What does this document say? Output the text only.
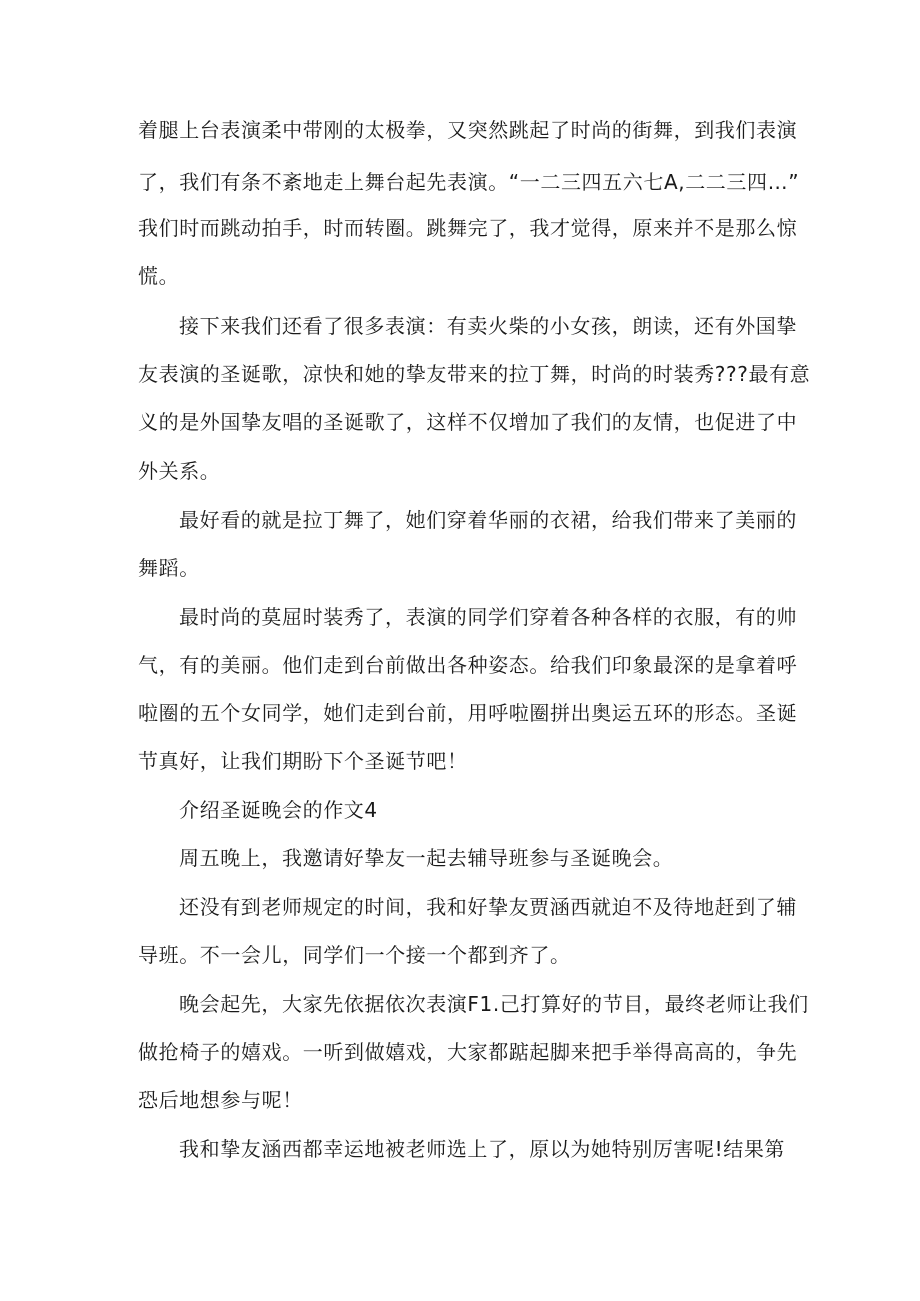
着腿上台表演柔中带刚的太极拳，又突然跳起了时尚的街舞，到我们表演
了，我们有条不紊地走上舞台起先表演。“一二三四五六七A,二二三四…”
我们时而跳动拍手，时而转圈。跳舞完了，我才觉得，原来并不是那么惊
慌。
接下来我们还看了很多表演：有卖火柴的小女孩，朗读，还有外国挚
友表演的圣诞歌，凉快和她的挚友带来的拉丁舞，时尚的时装秀???最有意
义的是外国挚友唱的圣诞歌了，这样不仅增加了我们的友情，也促进了中
外关系。
最好看的就是拉丁舞了，她们穿着华丽的衣裙，给我们带来了美丽的
舞蹈。
最时尚的莫屈时装秀了，表演的同学们穿着各种各样的衣服，有的帅
气，有的美丽。他们走到台前做出各种姿态。给我们印象最深的是拿着呼
啦圈的五个女同学，她们走到台前，用呼啦圈拼出奥运五环的形态。圣诞
节真好，让我们期盼下个圣诞节吧！
介绍圣诞晚会的作文4
周五晚上，我邀请好挚友一起去辅导班参与圣诞晚会。
还没有到老师规定的时间，我和好挚友贾涵西就迫不及待地赶到了辅
导班。不一会儿，同学们一个接一个都到齐了。
晚会起先，大家先依据依次表演F1.己打算好的节目，最终老师让我们
做抢椅子的嬉戏。一听到做嬉戏，大家都踮起脚来把手举得高高的，争先
恐后地想参与呢！
我和挚友涵西都幸运地被老师选上了，原以为她特别厉害呢!结果第
